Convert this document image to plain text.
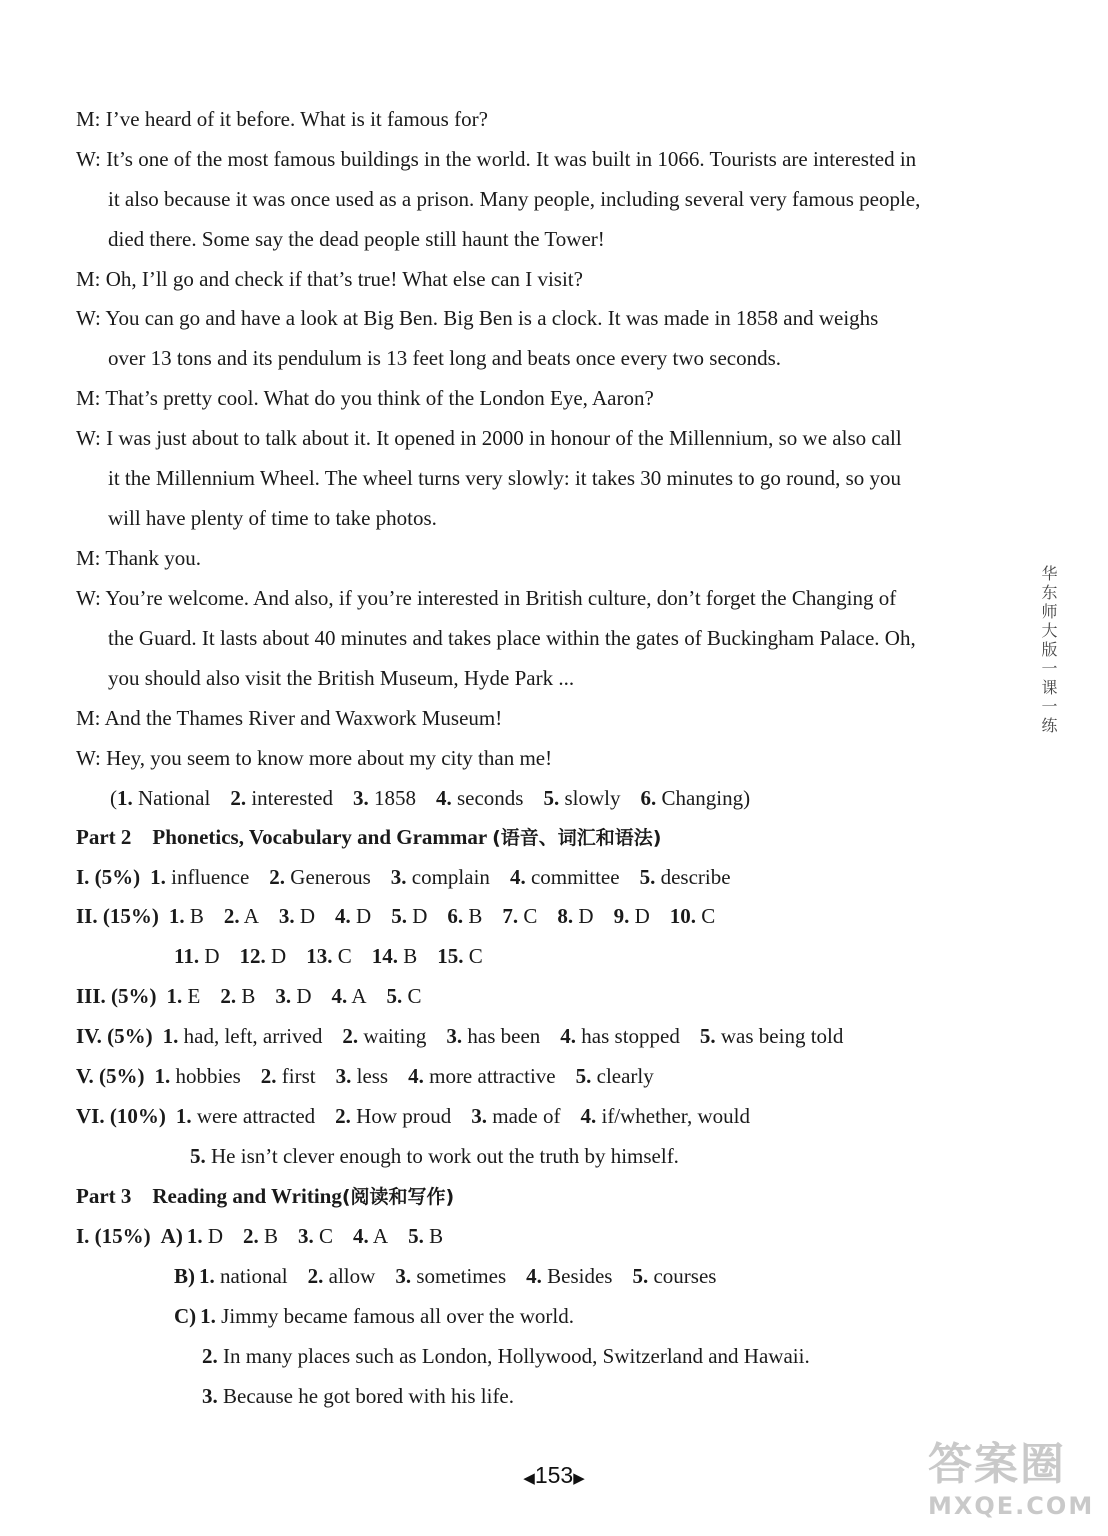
M: I’ve heard of it before. What is it famous for?
W: It’s one of the most famous buildings in the world. It was built in 1066. Tourists are interested in
it also because it was once used as a prison. Many people, including several very famous people,
died there. Some say the dead people still haunt the Tower!
M: Oh, I’ll go and check if that’s true! What else can I visit?
W: You can go and have a look at Big Ben. Big Ben is a clock. It was made in 1858 and weighs
over 13 tons and its pendulum is 13 feet long and beats once every two seconds.
M: That’s pretty cool. What do you think of the London Eye, Aaron?
W: I was just about to talk about it. It opened in 2000 in honour of the Millennium, so we also call
it the Millennium Wheel. The wheel turns very slowly: it takes 30 minutes to go round, so you
will have plenty of time to take photos.
M: Thank you.
W: You’re welcome. And also, if you’re interested in British culture, don’t forget the Changing of
the Guard. It lasts about 40 minutes and takes place within the gates of Buckingham Palace. Oh,
you should also visit the British Museum, Hyde Park ...
M: And the Thames River and Waxwork Museum!
W: Hey, you seem to know more about my city than me!
(1. National 2. interested 3. 1858 4. seconds 5. slowly 6. Changing)
Part 2　Phonetics, Vocabulary and Grammar (语音、词汇和语法)
I. (5%) 1. influence 2. Generous 3. complain 4. committee 5. describe
II. (15%) 1. B 2. A 3. D 4. D 5. D 6. B 7. C 8. D 9. D 10. C
11. D 12. D 13. C 14. B 15. C
III. (5%) 1. E 2. B 3. D 4. A 5. C
IV. (5%) 1. had, left, arrived 2. waiting 3. has been 4. has stopped 5. was being told
V. (5%) 1. hobbies 2. first 3. less 4. more attractive 5. clearly
VI. (10%) 1. were attracted 2. How proud 3. made of 4. if/whether, would
5. He isn’t clever enough to work out the truth by himself.
Part 3　Reading and Writing(阅读和写作)
I. (15%) A) 1. D 2. B 3. C 4. A 5. B
B) 1. national 2. allow 3. sometimes 4. Besides 5. courses
C) 1. Jimmy became famous all over the world.
2. In many places such as London, Hollywood, Switzerland and Hawaii.
3. Because he got bored with his life.
华东师大版一课一练
◀153▶	答案圈
MXQE.COM
